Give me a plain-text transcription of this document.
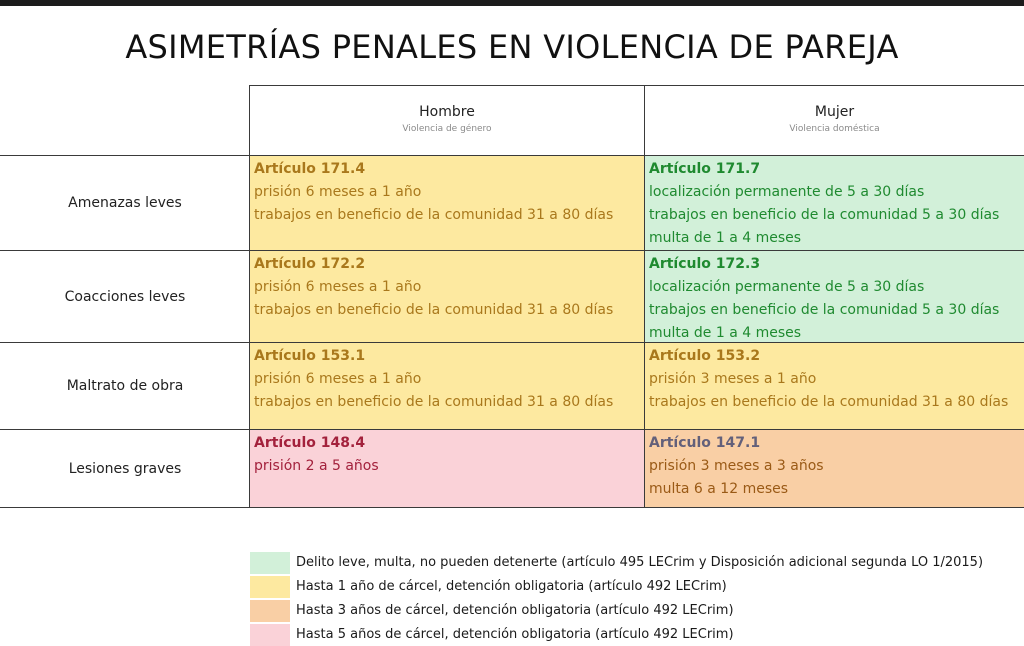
ASIMETRÍAS PENALES EN VIOLENCIA DE PAREJA
Hombre
Violencia de género
Mujer
Violencia doméstica
Amenazas leves
Coacciones leves
Maltrato de obra
Lesiones graves
Artículo 171.4
prisión 6 meses a 1 año
trabajos en beneficio de la comunidad 31 a 80 días
Artículo 171.7
localización permanente de 5 a 30 días
trabajos en beneficio de la comunidad 5 a 30 días
multa de 1 a 4 meses
Artículo 172.2
prisión 6 meses a 1 año
trabajos en beneficio de la comunidad 31 a 80 días
Artículo 172.3
localización permanente de 5 a 30 días
trabajos en beneficio de la comunidad 5 a 30 días
multa de 1 a 4 meses
Artículo 153.1
prisión 6 meses a 1 año
trabajos en beneficio de la comunidad 31 a 80 días
Artículo 153.2
prisión 3 meses a 1 año
trabajos en beneficio de la comunidad 31 a 80 días
Artículo 148.4
prisión 2 a 5 años
Artículo 147.1
prisión 3 meses a 3 años
multa 6 a 12 meses
Delito leve, multa, no pueden detenerte (artículo 495 LECrim y Disposición adicional segunda LO 1/2015)
Hasta 1 año de cárcel, detención obligatoria (artículo 492 LECrim)
Hasta 3 años de cárcel, detención obligatoria (artículo 492 LECrim)
Hasta 5 años de cárcel, detención obligatoria (artículo 492 LECrim)
